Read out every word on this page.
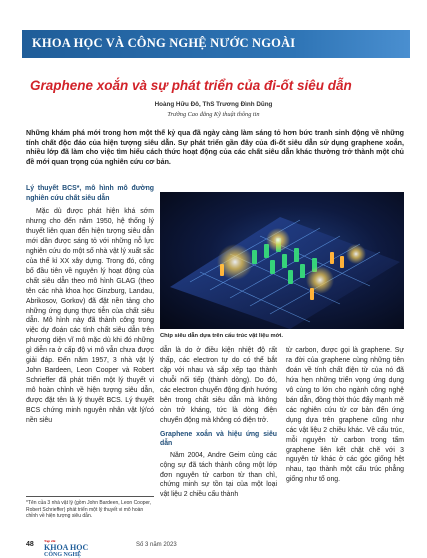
KHOA HỌC VÀ CÔNG NGHỆ NƯỚC NGOÀI
Graphene xoắn và sự phát triển của đi-ốt siêu dẫn
Hoàng Hữu Đô, ThS Trương Đình Dũng
Trường Cao đẳng Kỹ thuật thông tin
Những khám phá mới trong hơn một thế kỷ qua đã ngày càng làm sáng tỏ hơn bức tranh sinh động về những tính chất độc đáo của hiện tượng siêu dẫn. Sự phát triển gần đây của đi-ốt siêu dẫn sử dụng graphene xoắn, nhiều lớp đã làm cho việc tìm hiểu cách thức hoạt động của các chất siêu dẫn khác thường trở thành một chủ đề mới quan trọng của nghiên cứu cơ bản.
Lý thuyết BCS*, mô hình mô đường nghiên cứu chất siêu dẫn

Mặc dù được phát hiện khá sớm nhưng cho đến năm 1950, hệ thống lý thuyết liên quan đến hiện tượng siêu dẫn mới dần được sáng tỏ với những nỗ lực nghiên cứu do một số nhà vật lý xuất sắc của thế kỉ XX xây dựng. Trong đó, công bố đầu tiên về nguyên lý hoạt động của chất siêu dẫn theo mô hình GLAG (theo tên các nhà khoa học Ginzburg, Landau, Abrikosov, Gorkov) đã đặt nền tảng cho những ứng dụng thực tiễn của chất siêu dẫn. Mô hình này đã thành công trong việc dự đoán các tính chất siêu dẫn trên phương diện vĩ mô mặc dù khi đó những gì diễn ra ở cấp độ vi mô vẫn chưa được giải đáp. Đến năm 1957, 3 nhà vật lý John Bardeen, Leon Cooper và Robert Schrieffer đã phát triển một lý thuyết vi mô hoàn chỉnh về hiện tượng siêu dẫn, được đặt tên là lý thuyết BCS. Lý thuyết BCS chứng minh nguyên nhân vật lý/có nền siêu

*Tên của 3 nhà vật lý (gồm John Bardeen, Leon Cooper, Robert Schrieffer) phát triển một lý thuyết vi mô hoàn chỉnh về hiện tượng siêu dẫn.
Chip siêu dẫn dựa trên cấu trúc vật liệu mới.

dẫn là do ở điều kiện nhiệt độ rất thấp, các electron tự do có thể bắt cặp với nhau và sắp xếp tạo thành chuỗi nối tiếp (thành dòng). Do đó, các electron chuyển động định hướng bên trong chất siêu dẫn mà không còn trở kháng, tức là dòng điện chuyển động mà không có điện trở.

Graphene xoắn và hiệu ứng siêu dẫn

Năm 2004, Andre Geim cùng các cộng sự đã tách thành công một lớp đơn nguyên tử carbon từ than chì, chứng minh sự tồn tại của một loại vật liệu 2 chiều cấu thành

từ carbon, được gọi là graphene. Sự ra đời của graphene cùng những tiên đoán về tính chất điện từ của nó đã hứa hẹn những triển vọng ứng dụng vô cùng to lớn cho ngành công nghệ bán dẫn, đồng thời thúc đẩy mạnh mẽ các nghiên cứu từ cơ bản đến ứng dụng dựa trên graphene cũng như các vật liệu 2 chiều khác. Về cấu trúc, mỗi nguyên tử carbon trong tấm graphene liên kết chặt chẽ với 3 nguyên tử khác ở các góc giống hệt nhau, tạo thành một cấu trúc phẳng giống như tổ ong.

48	Tạp chí
KHOA HỌC
CÔNG NGHỆ
Số 3 năm 2023
